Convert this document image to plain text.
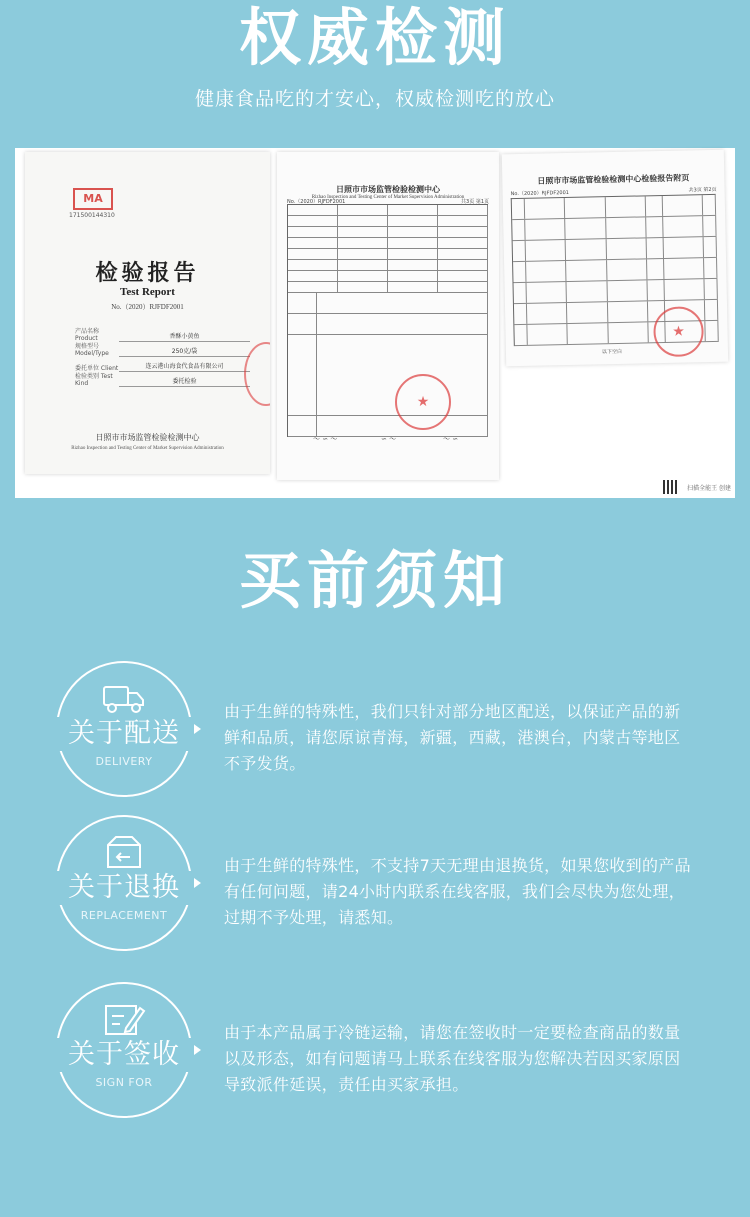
权威检测
健康食品吃的才安心，权威检测吃的放心
MA
171500144310
检验报告
Test Report
No.（2020）RJFDF2001
产品名称 Product	香酥小黄鱼
规格型号 Model/Type	250克/袋
委托单位 Client	连云港山海食代食品有限公司
检验类别 Test Kind	委托检验
日照市市场监管检验检测中心
Rizhao Inspection and Testing Center of Market Supervision Administration
日照市市场监管检验检测中心
Rizhao Inspection and Testing Center of Market Supervision Administration
No.（2020）RJFDF2001	共3页 第1页
★
～ ∽ ～	∽ ～	～ ∽
日照市市场监管检验检测中心检验报告附页
No.（2020）RJFDF2001	共3页 第2页
★
以下空白
扫描全能王 创建
买前须知
关于配送
DELIVERY
由于生鲜的特殊性，我们只针对部分地区配送，以保证产品的新鲜和品质，请您原谅青海，新疆，西藏，港澳台，内蒙古等地区不予发货。
关于退换
REPLACEMENT
由于生鲜的特殊性，不支持7天无理由退换货，如果您收到的产品有任何问题，请24小时内联系在线客服，我们会尽快为您处理，过期不予处理，请悉知。
关于签收
SIGN FOR
由于本产品属于冷链运输，请您在签收时一定要检查商品的数量以及形态，如有问题请马上联系在线客服为您解决若因买家原因导致派件延误，责任由买家承担。
